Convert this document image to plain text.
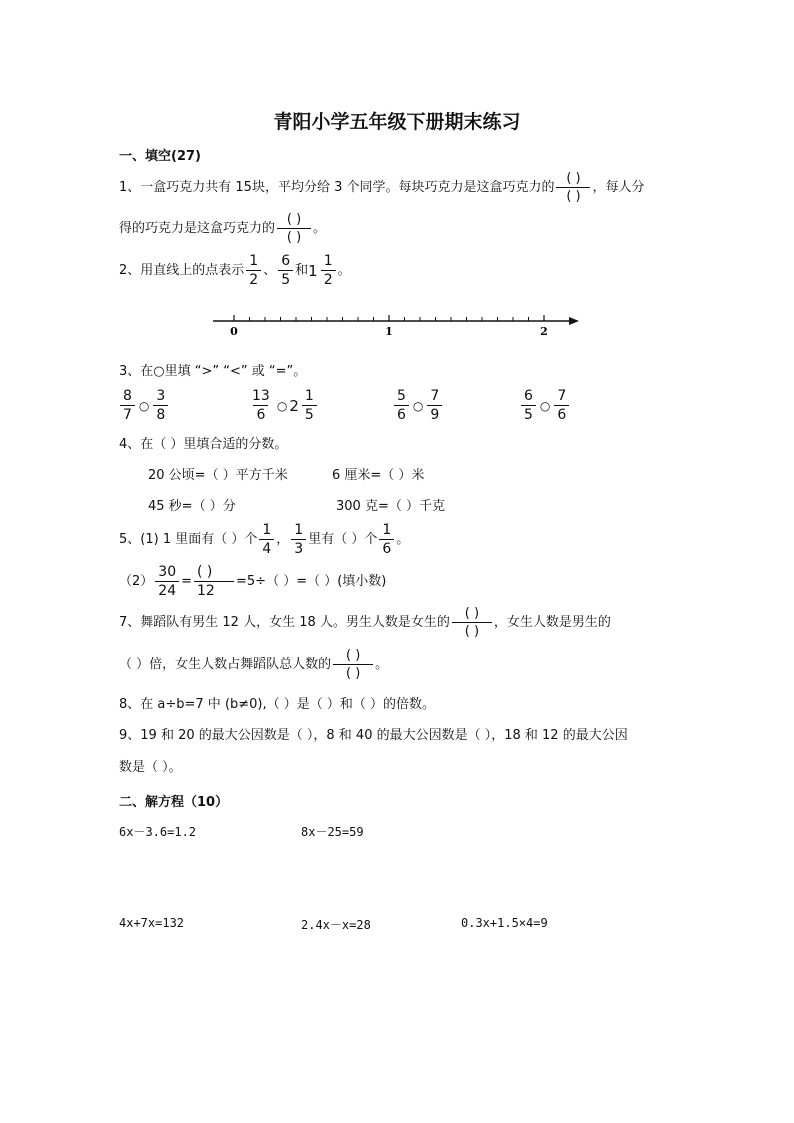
青阳小学五年级下册期末练习
一、填空(27)
1、一盒巧克力共有 15块，平均分给 3 个同学。每块巧克力是这盒巧克力的 $\frac{( )}{( )}$ ，每人分
得的巧克力是这盒巧克力的 $\frac{( )}{( )}$ 。
2、用直线上的点表示 $\frac{1}{2}$ 、 $\frac{6}{5}$ 和 $1 \frac{1}{2}$ 。
0	1	2
3、在○里填 “>” “<” 或 “=”。
$\frac{8}{7}$ ○ $\frac{3}{8}$	$\frac{13}{6}$ ○ $2 \frac{1}{5}$	$\frac{5}{6}$ ○ $\frac{7}{9}$	$\frac{6}{5}$ ○ $\frac{7}{6}$
4、在（ ）里填合适的分数。
20 公顷=（ ）平方千米	6 厘米=（ ）米
45 秒=（ ）分	300 克=（ ）千克
5、(1) 1 里面有（ ）个 $\frac{1}{4}$ ， $\frac{1}{3}$ 里有（ ）个 $\frac{1}{6}$ 。
$(2) \frac{30}{24} = \frac{( )}{12} =5\div$（ ）=（ ）(填小数)
7、舞蹈队有男生 12 人，女生 18 人。男生人数是女生的 $\frac{( )}{( )}$ ，女生人数是男生的
（ ）倍，女生人数占舞蹈队总人数的 $\frac{( )}{( )}$ 。
8、在 a÷b=7 中 (b≠0),（ ）是（ ）和（ ）的倍数。
9、19 和 20 的最大公因数是（ ），8 和 40 的最大公因数是（ ），18 和 12 的最大公因
数是（ ）。
二、解方程（10）
6x－3.6=1.2	8x－25=59
4x+7x=132	2.4x－x=28	0.3x+1.5×4=9
